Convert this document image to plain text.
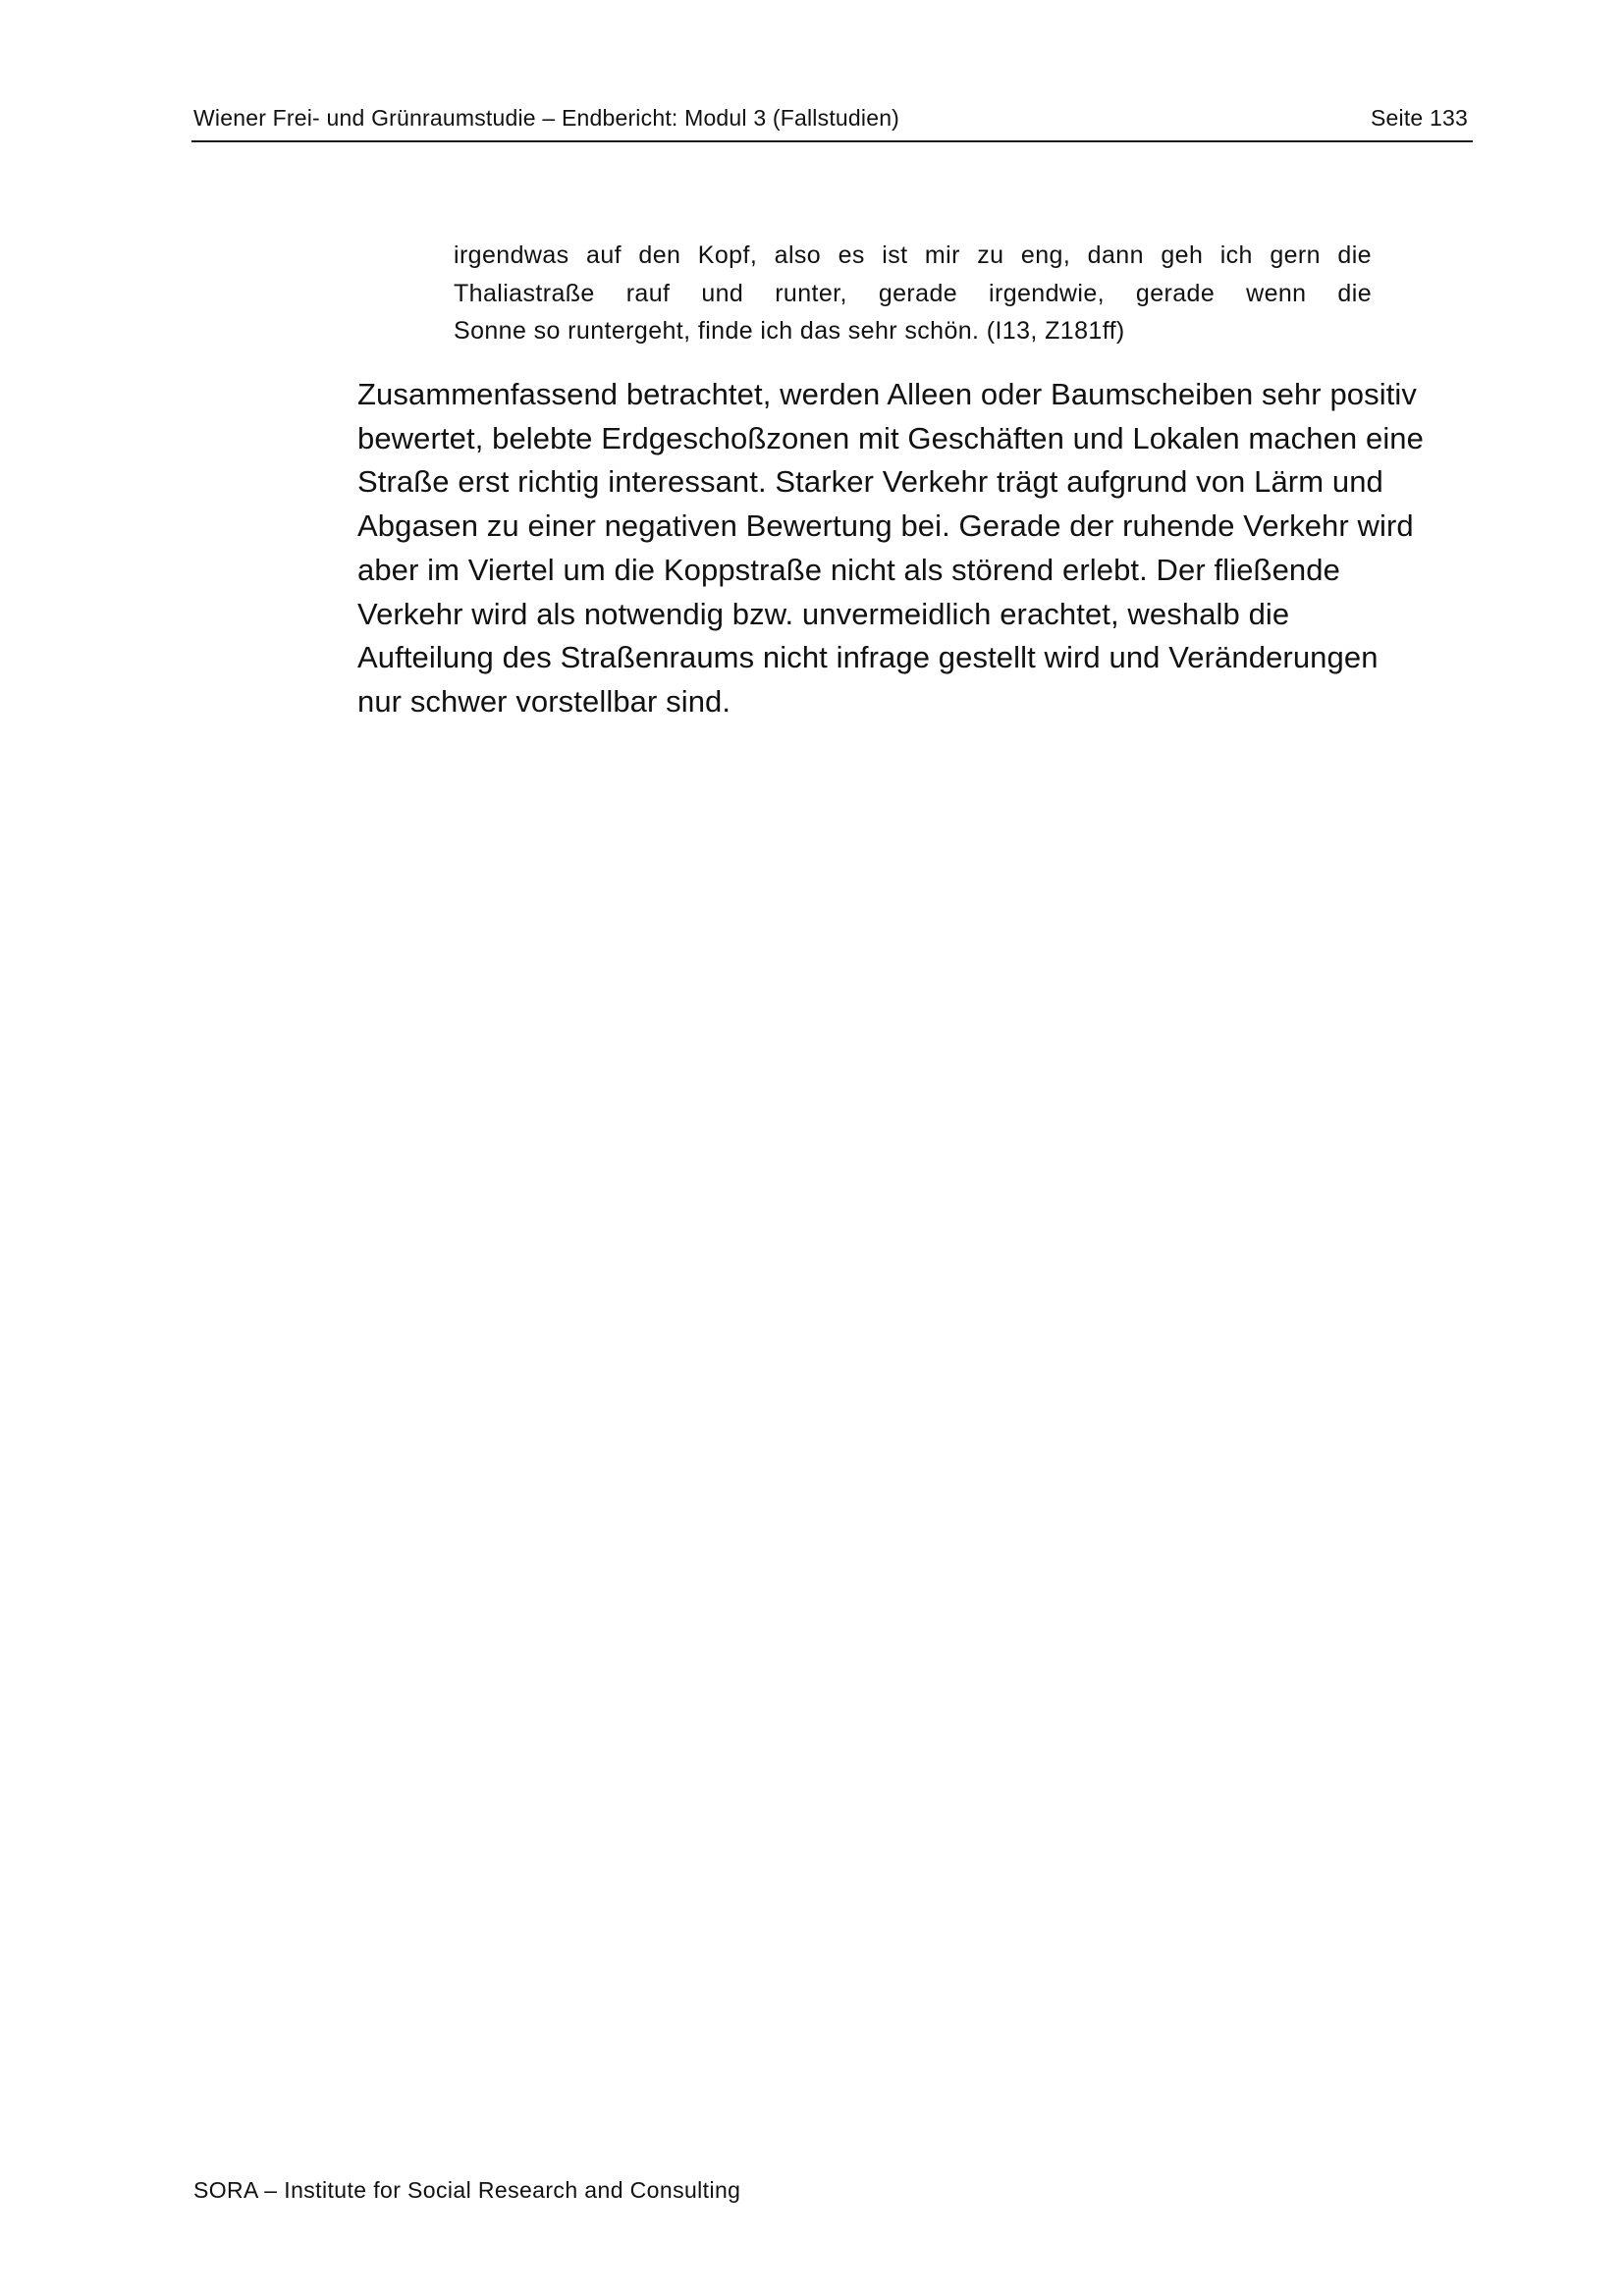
Wiener Frei- und Grünraumstudie – Endbericht: Modul 3 (Fallstudien)	Seite 133
irgendwas auf den Kopf, also es ist mir zu eng, dann geh ich gern die
Thaliastraße rauf und runter, gerade irgendwie, gerade wenn die
Sonne so runtergeht, finde ich das sehr schön. (I13, Z181ff)
Zusammenfassend betrachtet, werden Alleen oder Baumscheiben sehr positiv
bewertet, belebte Erdgeschoßzonen mit Geschäften und Lokalen machen eine
Straße erst richtig interessant. Starker Verkehr trägt aufgrund von Lärm und
Abgasen zu einer negativen Bewertung bei. Gerade der ruhende Verkehr wird
aber im Viertel um die Koppstraße nicht als störend erlebt. Der fließende
Verkehr wird als notwendig bzw. unvermeidlich erachtet, weshalb die
Aufteilung des Straßenraums nicht infrage gestellt wird und Veränderungen
nur schwer vorstellbar sind.
SORA – Institute for Social Research and Consulting
